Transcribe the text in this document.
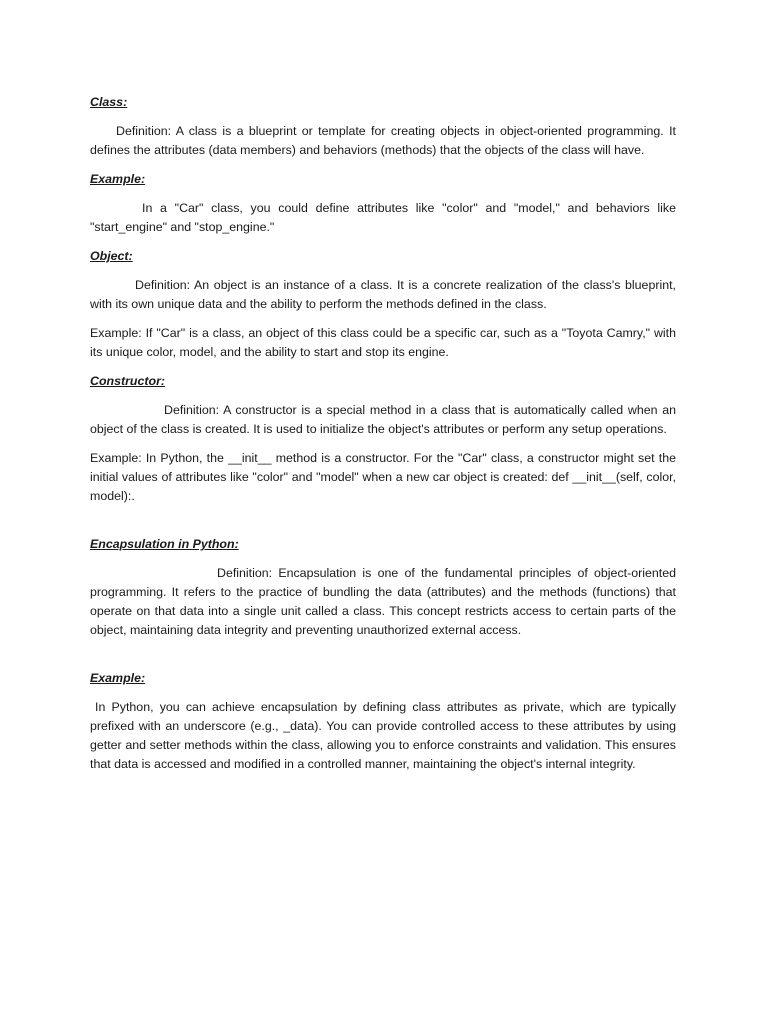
Class:

Definition: A class is a blueprint or template for creating objects in object-oriented programming. It defines the attributes (data members) and behaviors (methods) that the objects of the class will have.

Example:

In a "Car" class, you could define attributes like "color" and "model," and behaviors like "start_engine" and "stop_engine."

Object:

Definition: An object is an instance of a class. It is a concrete realization of the class's blueprint, with its own unique data and the ability to perform the methods defined in the class.

Example: If "Car" is a class, an object of this class could be a specific car, such as a "Toyota Camry," with its unique color, model, and the ability to start and stop its engine.

Constructor:

Definition: A constructor is a special method in a class that is automatically called when an object of the class is created. It is used to initialize the object's attributes or perform any setup operations.

Example: In Python, the __init__ method is a constructor. For the "Car" class, a constructor might set the initial values of attributes like "color" and "model" when a new car object is created: def __init__(self, color, model):.

Encapsulation in Python:

Definition: Encapsulation is one of the fundamental principles of object-oriented programming. It refers to the practice of bundling the data (attributes) and the methods (functions) that operate on that data into a single unit called a class. This concept restricts access to certain parts of the object, maintaining data integrity and preventing unauthorized external access.

Example:

In Python, you can achieve encapsulation by defining class attributes as private, which are typically prefixed with an underscore (e.g., _data). You can provide controlled access to these attributes by using getter and setter methods within the class, allowing you to enforce constraints and validation. This ensures that data is accessed and modified in a controlled manner, maintaining the object's internal integrity.
